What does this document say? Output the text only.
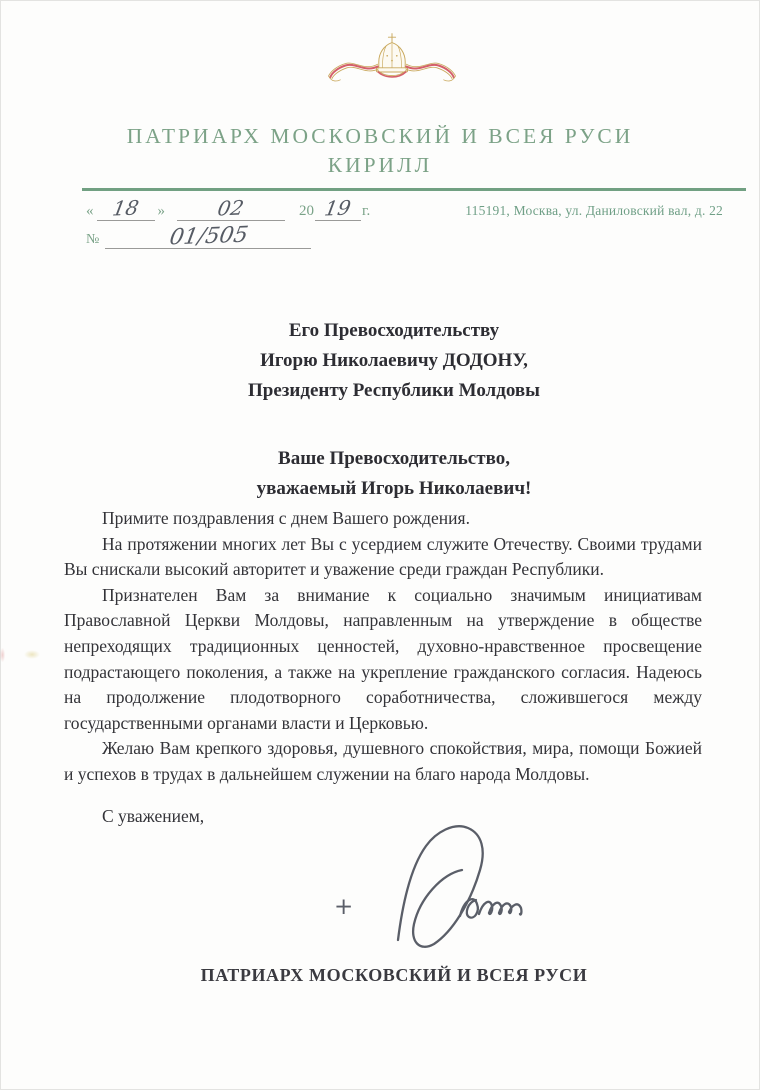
ПАТРИАРХ МОСКОВСКИЙ И ВСЕЯ РУСИ
КИРИЛЛ
« 18 »	02	20 19 г.
№	01/505
115191, Москва, ул. Даниловский вал, д. 22
Его Превосходительству
Игорю Николаевичу ДОДОНУ,
Президенту Республики Молдовы
Ваше Превосходительство,
уважаемый Игорь Николаевич!

Примите поздравления с днем Вашего рождения.

На протяжении многих лет Вы с усердием служите Отечеству. Своими трудами Вы снискали высокий авторитет и уважение среди граждан Республики.

Признателен Вам за внимание к социально значимым инициативам Православной Церкви Молдовы, направленным на утверждение в обществе непреходящих традиционных ценностей, духовно-нравственное просвещение подрастающего поколения, а также на укрепление гражданского согласия. Надеюсь на продолжение плодотворного соработничества, сложившегося между государственными органами власти и Церковью.

Желаю Вам крепкого здоровья, душевного спокойствия, мира, помощи Божией и успехов в трудах в дальнейшем служении на благо народа Молдовы.

С уважением,

+
ПАТРИАРХ МОСКОВСКИЙ И ВСЕЯ РУСИ
